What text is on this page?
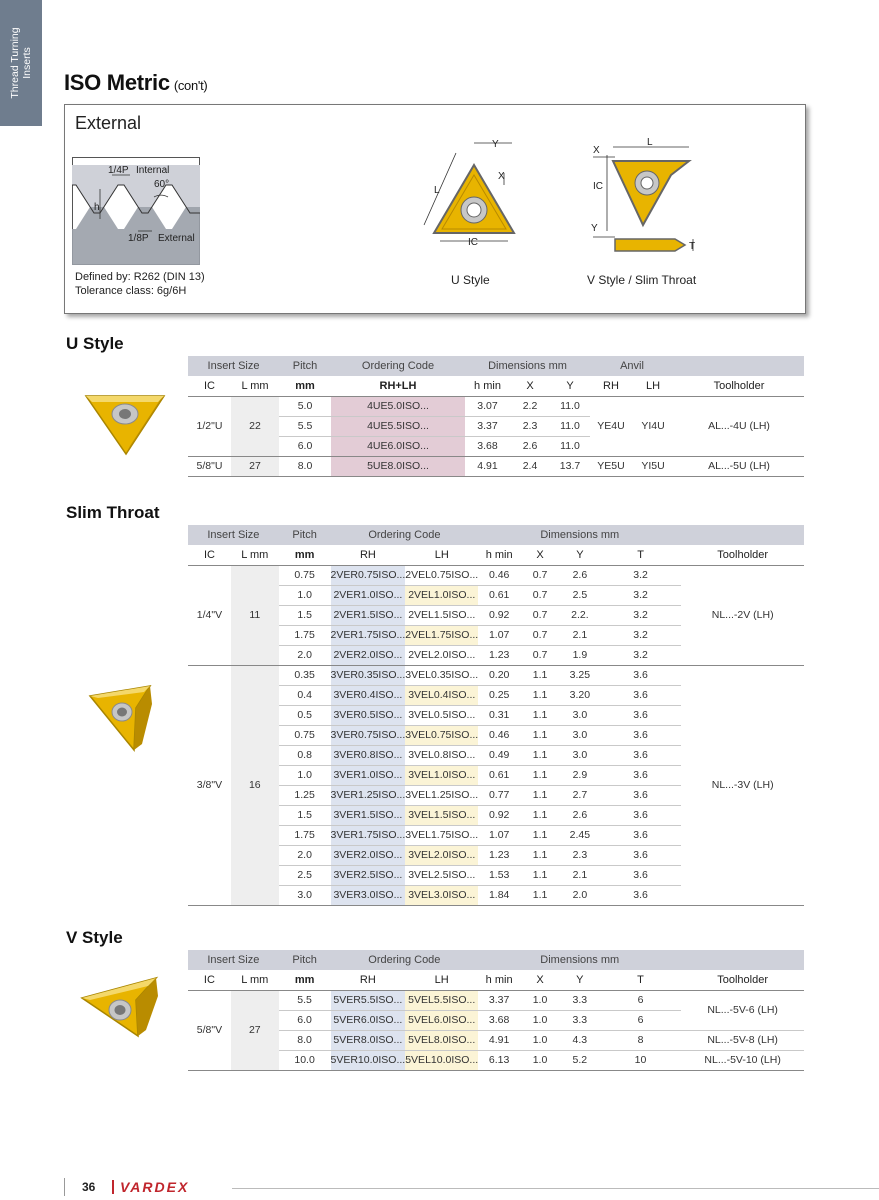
Thread Turning Inserts
ISO Metric (con't)
External
1/4P Internal
60°
h
1/8P External
Defined by: R262 (DIN 13)
Tolerance class: 6g/6H
Y
X
L
IC
U Style
L
X
IC
Y
T
V Style / Slim Throat
U Style
Insert Size		Pitch	Ordering Code	Dimensions mm			Anvil		
IC	L mm	mm	RH+LH	h min	X	Y	RH	LH	Toolholder
1/2"U	22	5.0	4UE5.0ISO...	3.07	2.2	11.0	YE4U	YI4U	AL...-4U (LH)
		5.5	4UE5.5ISO...	3.37	2.3	11.0			
		6.0	4UE6.0ISO...	3.68	2.6	11.0			
5/8"U	27	8.0	5UE8.0ISO...	4.91	2.4	13.7	YE5U	YI5U	AL...-5U (LH)
Slim Throat
Insert Size		Pitch	Ordering Code		Dimensions mm				
IC	L mm	mm	RH	LH	h min	X	Y	T	Toolholder
1/4"V	11	0.75	2VER0.75ISO...	2VEL0.75ISO...	0.46	0.7	2.6	3.2	NL...-2V (LH)
		1.0	2VER1.0ISO...	2VEL1.0ISO...	0.61	0.7	2.5	3.2	
		1.5	2VER1.5ISO...	2VEL1.5ISO...	0.92	0.7	2.2.	3.2	
		1.75	2VER1.75ISO...	2VEL1.75ISO...	1.07	0.7	2.1	3.2	
		2.0	2VER2.0ISO...	2VEL2.0ISO...	1.23	0.7	1.9	3.2	
3/8"V	16	0.35	3VER0.35ISO...	3VEL0.35ISO...	0.20	1.1	3.25	3.6	NL...-3V (LH)
		0.4	3VER0.4ISO...	3VEL0.4ISO...	0.25	1.1	3.20	3.6	
		0.5	3VER0.5ISO...	3VEL0.5ISO...	0.31	1.1	3.0	3.6	
		0.75	3VER0.75ISO...	3VEL0.75ISO...	0.46	1.1	3.0	3.6	
		0.8	3VER0.8ISO...	3VEL0.8ISO...	0.49	1.1	3.0	3.6	
		1.0	3VER1.0ISO...	3VEL1.0ISO...	0.61	1.1	2.9	3.6	
		1.25	3VER1.25ISO...	3VEL1.25ISO...	0.77	1.1	2.7	3.6	
		1.5	3VER1.5ISO...	3VEL1.5ISO...	0.92	1.1	2.6	3.6	
		1.75	3VER1.75ISO...	3VEL1.75ISO...	1.07	1.1	2.45	3.6	
		2.0	3VER2.0ISO...	3VEL2.0ISO...	1.23	1.1	2.3	3.6	
		2.5	3VER2.5ISO...	3VEL2.5ISO...	1.53	1.1	2.1	3.6	
		3.0	3VER3.0ISO...	3VEL3.0ISO...	1.84	1.1	2.0	3.6	
V Style
Insert Size		Pitch	Ordering Code		Dimensions mm				
IC	L mm	mm	RH	LH	h min	X	Y	T	Toolholder
5/8"V	27	5.5	5VER5.5ISO...	5VEL5.5ISO...	3.37	1.0	3.3	6	NL...-5V-6 (LH)
		6.0	5VER6.0ISO...	5VEL6.0ISO...	3.68	1.0	3.3	6	
		8.0	5VER8.0ISO...	5VEL8.0ISO...	4.91	1.0	4.3	8	NL...-5V-8 (LH)
		10.0	5VER10.0ISO...	5VEL10.0ISO...	6.13	1.0	5.2	10	NL...-5V-10 (LH)
36 VARDEX
